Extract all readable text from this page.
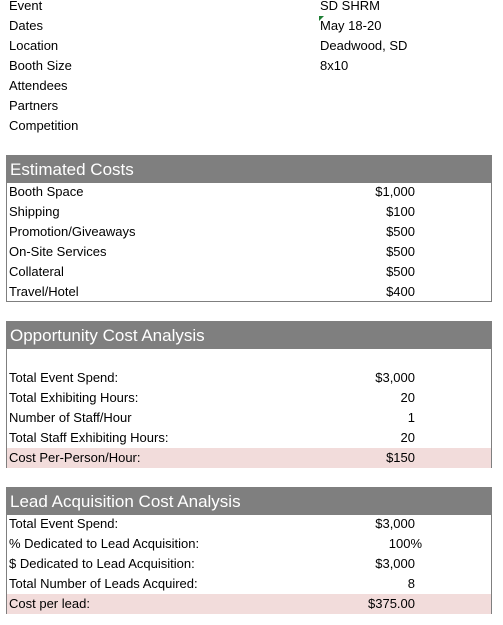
Event	SD SHRM
Dates	May 18-20
Location	Deadwood, SD
Booth Size	8x10
Attendees
Partners
Competition
Estimated Costs
Booth Space	$1,000
Shipping	$100
Promotion/Giveaways	$500
On-Site Services	$500
Collateral	$500
Travel/Hotel	$400
Opportunity Cost Analysis
Total Event Spend:	$3,000
Total Exhibiting Hours:	20
Number of Staff/Hour	1
Total Staff Exhibiting Hours:	20
Cost Per-Person/Hour:	$150
Lead Acquisition Cost Analysis
Total Event Spend:	$3,000
% Dedicated to Lead Acquisition:	100%
$ Dedicated to Lead Acquisition:	$3,000
Total Number of Leads Acquired:	8
Cost per lead:	$375.00
